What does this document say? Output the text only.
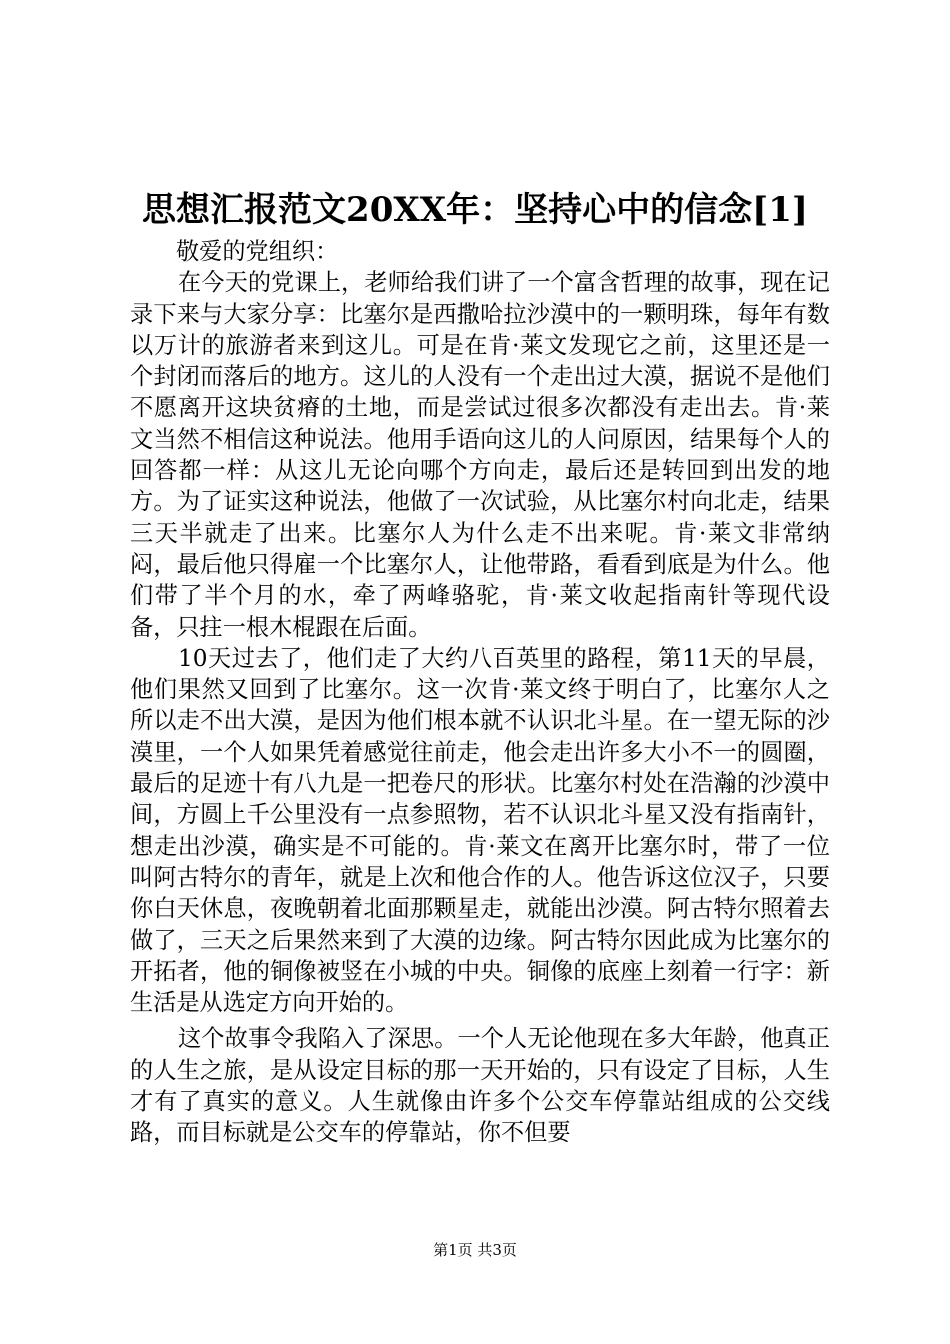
思想汇报范文20XX年：坚持心中的信念[1]

敬爱的党组织：

在今天的党课上，老师给我们讲了一个富含哲理的故事，现在记录下来与大家分享：比塞尔是西撒哈拉沙漠中的一颗明珠，每年有数以万计的旅游者来到这儿。可是在肯·莱文发现它之前，这里还是一个封闭而落后的地方。这儿的人没有一个走出过大漠，据说不是他们不愿离开这块贫瘠的土地，而是尝试过很多次都没有走出去。肯·莱文当然不相信这种说法。他用手语向这儿的人问原因，结果每个人的回答都一样：从这儿无论向哪个方向走，最后还是转回到出发的地方。为了证实这种说法，他做了一次试验，从比塞尔村向北走，结果三天半就走了出来。比塞尔人为什么走不出来呢。肯·莱文非常纳闷，最后他只得雇一个比塞尔人，让他带路，看看到底是为什么。他们带了半个月的水，牵了两峰骆驼，肯·莱文收起指南针等现代设备，只拄一根木棍跟在后面。

10天过去了，他们走了大约八百英里的路程，第11天的早晨，他们果然又回到了比塞尔。这一次肯·莱文终于明白了，比塞尔人之所以走不出大漠，是因为他们根本就不认识北斗星。在一望无际的沙漠里，一个人如果凭着感觉往前走，他会走出许多大小不一的圆圈，最后的足迹十有八九是一把卷尺的形状。比塞尔村处在浩瀚的沙漠中间，方圆上千公里没有一点参照物，若不认识北斗星又没有指南针，想走出沙漠，确实是不可能的。肯·莱文在离开比塞尔时，带了一位叫阿古特尔的青年，就是上次和他合作的人。他告诉这位汉子，只要你白天休息，夜晚朝着北面那颗星走，就能出沙漠。阿古特尔照着去做了，三天之后果然来到了大漠的边缘。阿古特尔因此成为比塞尔的开拓者，他的铜像被竖在小城的中央。铜像的底座上刻着一行字：新生活是从选定方向开始的。

这个故事令我陷入了深思。一个人无论他现在多大年龄，他真正的人生之旅，是从设定目标的那一天开始的，只有设定了目标，人生才有了真实的意义。人生就像由许多个公交车停靠站组成的公交线路，而目标就是公交车的停靠站，你不但要

第1页 共3页
